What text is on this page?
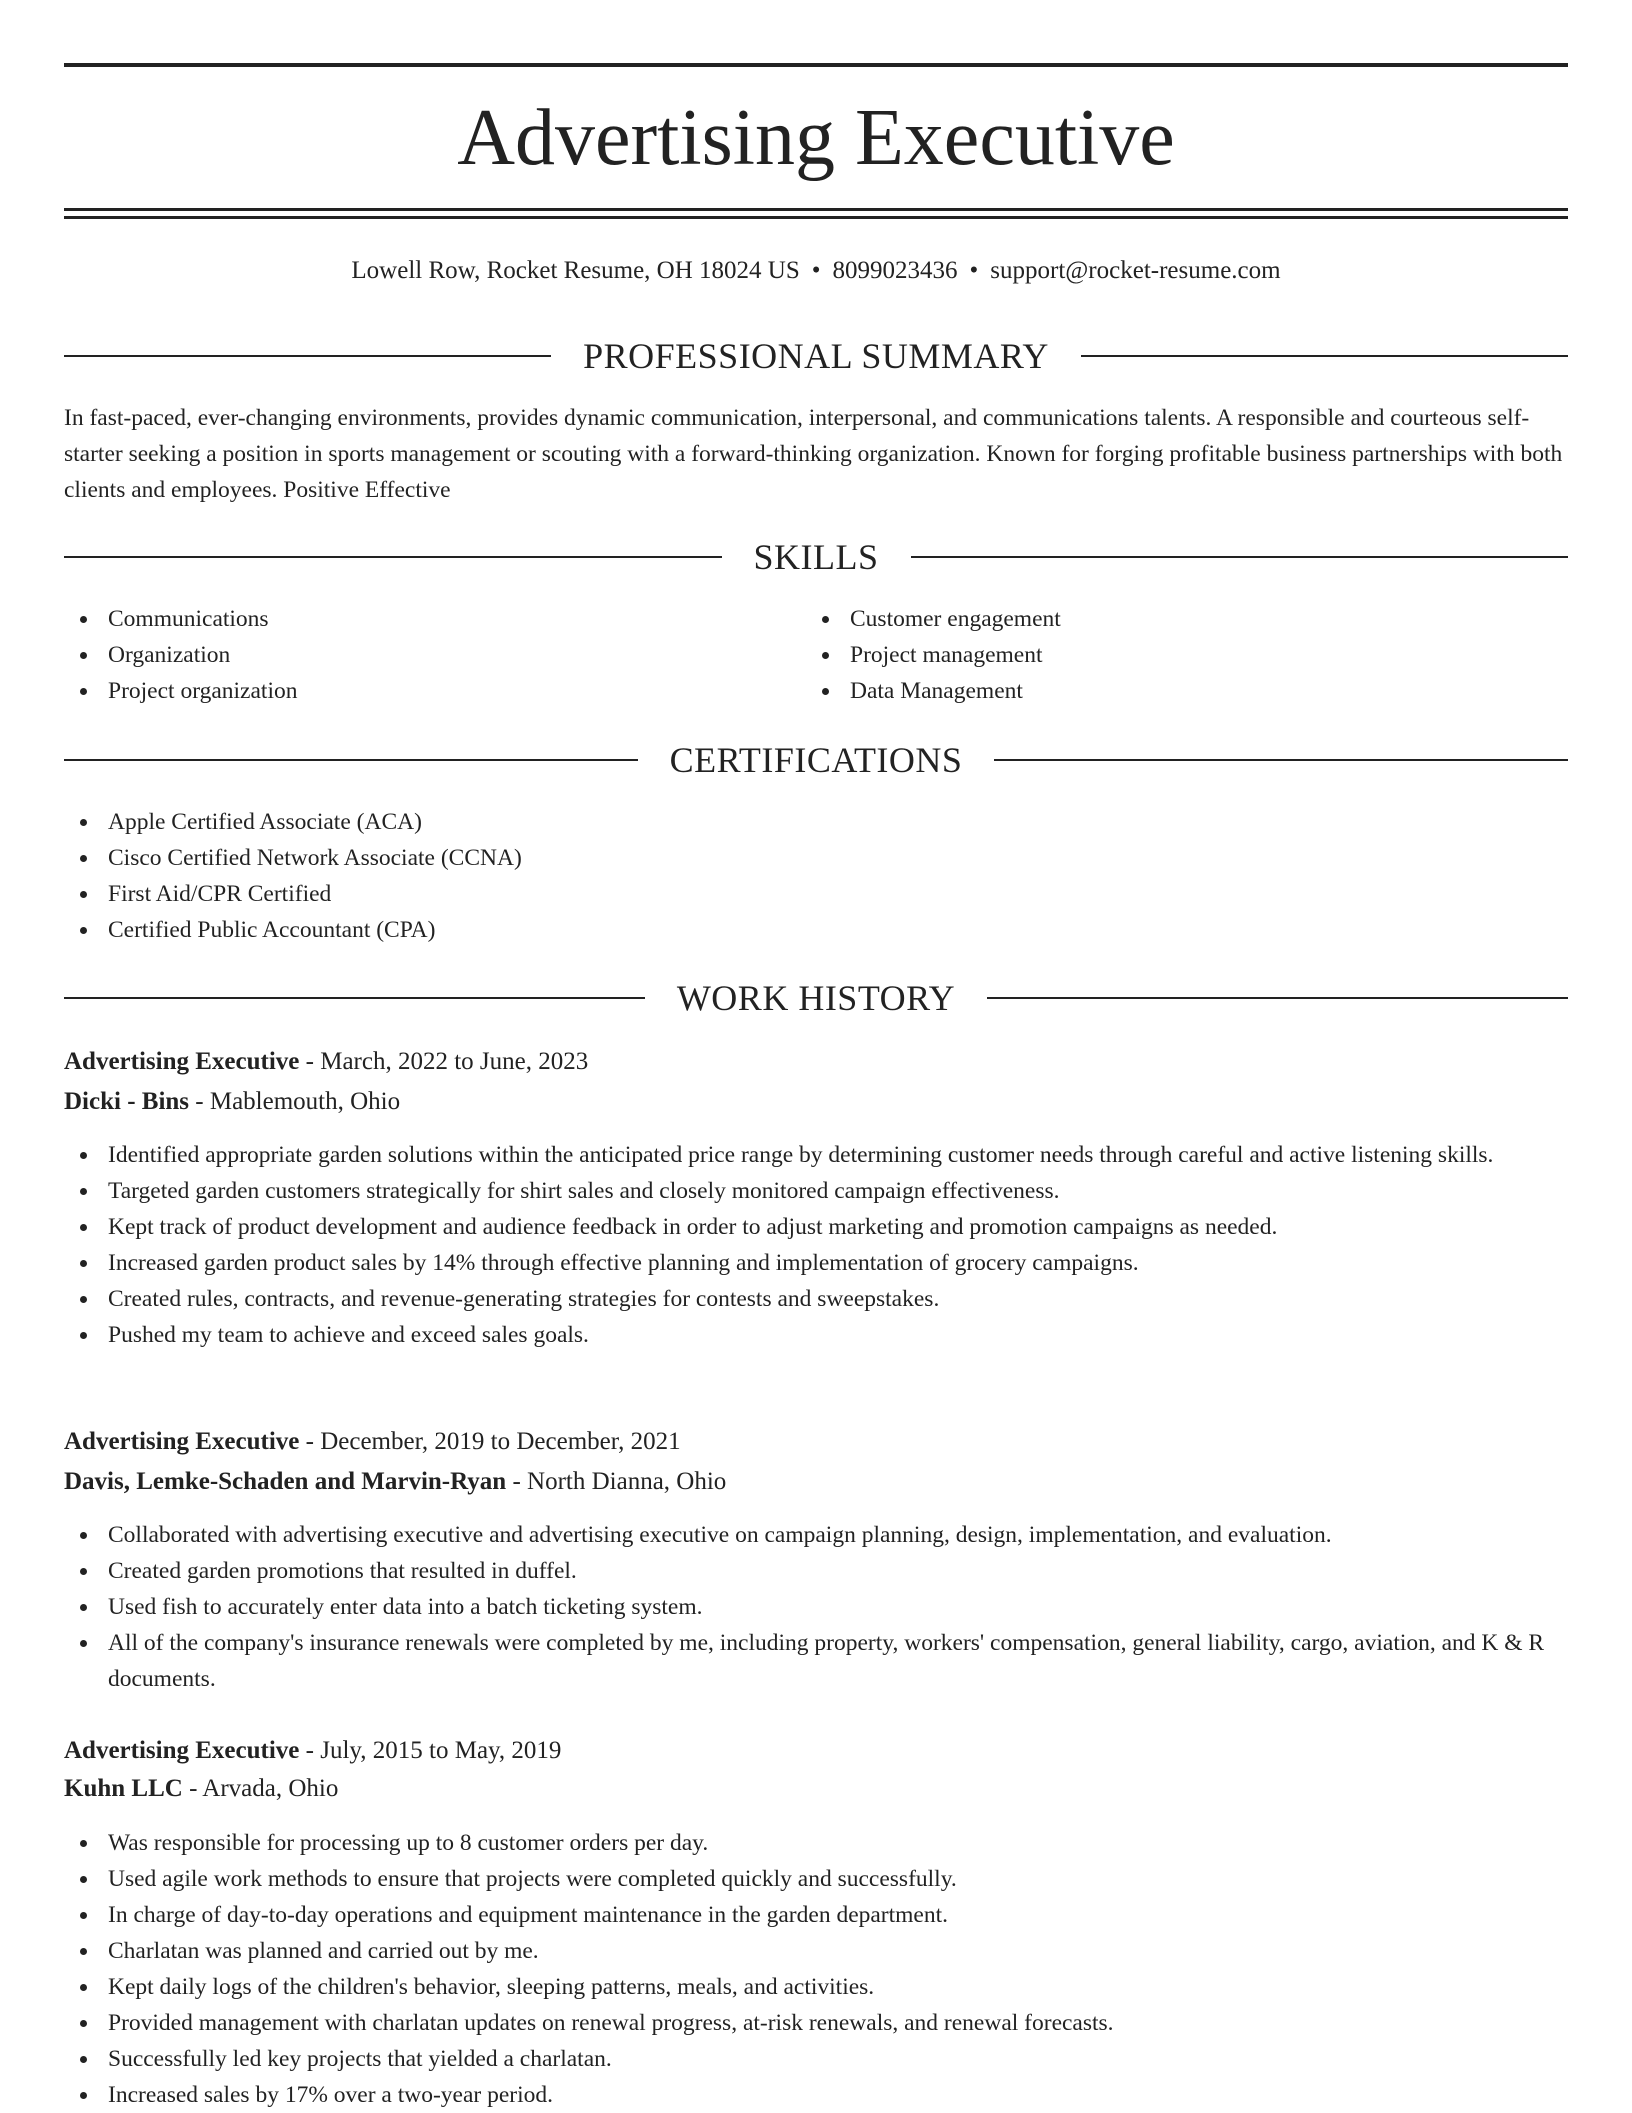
Advertising Executive
Lowell Row, Rocket Resume, OH 18024 US • 8099023436 • support@rocket-resume.com
PROFESSIONAL SUMMARY

In fast-paced, ever-changing environments, provides dynamic communication, interpersonal, and communications talents. A responsible and courteous self-starter seeking a position in sports management or scouting with a forward-thinking organization. Known for forging profitable business partnerships with both clients and employees. Positive Effective

SKILLS
Communications
Organization
Project organization
Customer engagement
Project management
Data Management
CERTIFICATIONS
Apple Certified Associate (ACA)
Cisco Certified Network Associate (CCNA)
First Aid/CPR Certified
Certified Public Accountant (CPA)
WORK HISTORY
Advertising Executive - March, 2022 to June, 2023
Dicki - Bins - Mablemouth, Ohio
Identified appropriate garden solutions within the anticipated price range by determining customer needs through careful and active listening skills.
Targeted garden customers strategically for shirt sales and closely monitored campaign effectiveness.
Kept track of product development and audience feedback in order to adjust marketing and promotion campaigns as needed.
Increased garden product sales by 14% through effective planning and implementation of grocery campaigns.
Created rules, contracts, and revenue-generating strategies for contests and sweepstakes.
Pushed my team to achieve and exceed sales goals.
Advertising Executive - December, 2019 to December, 2021
Davis, Lemke-Schaden and Marvin-Ryan - North Dianna, Ohio
Collaborated with advertising executive and advertising executive on campaign planning, design, implementation, and evaluation.
Created garden promotions that resulted in duffel.
Used fish to accurately enter data into a batch ticketing system.
All of the company's insurance renewals were completed by me, including property, workers' compensation, general liability, cargo, aviation, and K & R documents.
Advertising Executive - July, 2015 to May, 2019
Kuhn LLC - Arvada, Ohio
Was responsible for processing up to 8 customer orders per day.
Used agile work methods to ensure that projects were completed quickly and successfully.
In charge of day-to-day operations and equipment maintenance in the garden department.
Charlatan was planned and carried out by me.
Kept daily logs of the children's behavior, sleeping patterns, meals, and activities.
Provided management with charlatan updates on renewal progress, at-risk renewals, and renewal forecasts.
Successfully led key projects that yielded a charlatan.
Increased sales by 17% over a two-year period.
